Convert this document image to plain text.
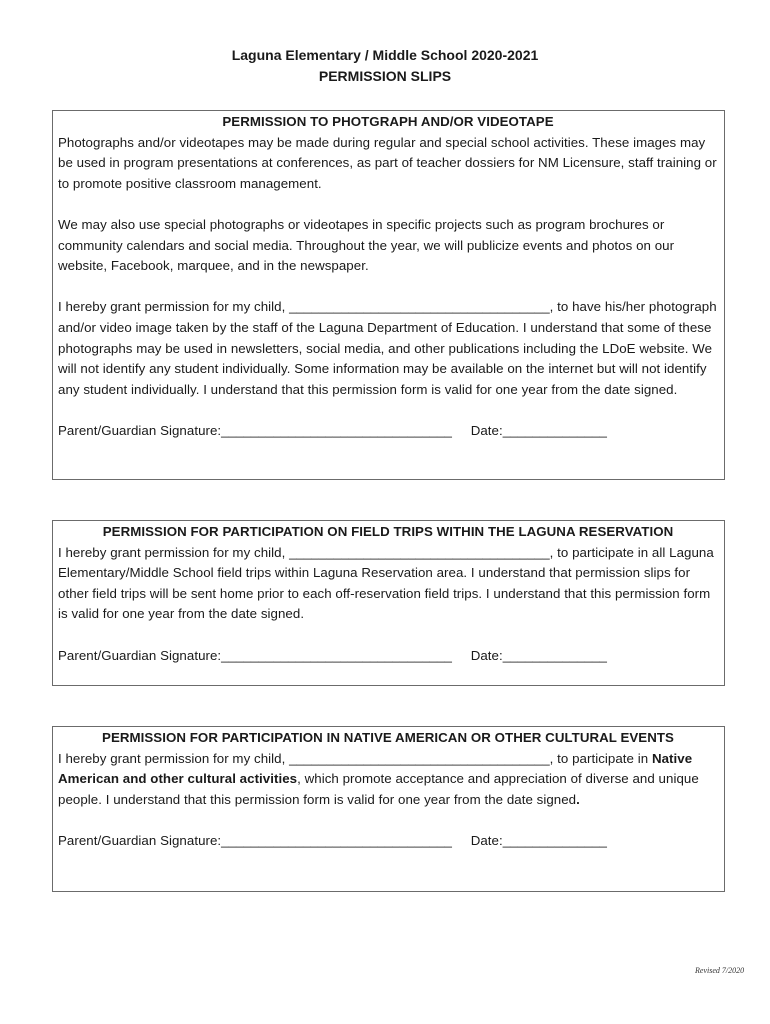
Laguna Elementary / Middle School 2020-2021
PERMISSION SLIPS

PERMISSION TO PHOTGRAPH AND/OR VIDEOTAPE

Photographs and/or videotapes may be made during regular and special school activities. These images may be used in program presentations at conferences, as part of teacher dossiers for NM Licensure, staff training or to promote positive classroom management.

We may also use special photographs or videotapes in specific projects such as program brochures or community calendars and social media. Throughout the year, we will publicize events and photos on our website, Facebook, marquee, and in the newspaper.

I hereby grant permission for my child, ___________________________________, to have his/her photograph and/or video image taken by the staff of the Laguna Department of Education. I understand that some of these photographs may be used in newsletters, social media, and other publications including the LDoE website. We will not identify any student individually. Some information may be available on the internet but will not identify any student individually. I understand that this permission form is valid for one year from the date signed.

Parent/Guardian Signature:_______________________________     Date:______________

PERMISSION FOR PARTICIPATION ON FIELD TRIPS WITHIN THE LAGUNA RESERVATION

I hereby grant permission for my child, ___________________________________, to participate in all Laguna Elementary/Middle School field trips within Laguna Reservation area. I understand that permission slips for other field trips will be sent home prior to each off-reservation field trips. I understand that this permission form is valid for one year from the date signed.

Parent/Guardian Signature:_______________________________     Date:______________

PERMISSION FOR PARTICIPATION IN NATIVE AMERICAN OR OTHER CULTURAL EVENTS

I hereby grant permission for my child, ___________________________________, to participate in Native American and other cultural activities, which promote acceptance and appreciation of diverse and unique people. I understand that this permission form is valid for one year from the date signed.

Parent/Guardian Signature:_______________________________     Date:______________

Revised 7/2020
